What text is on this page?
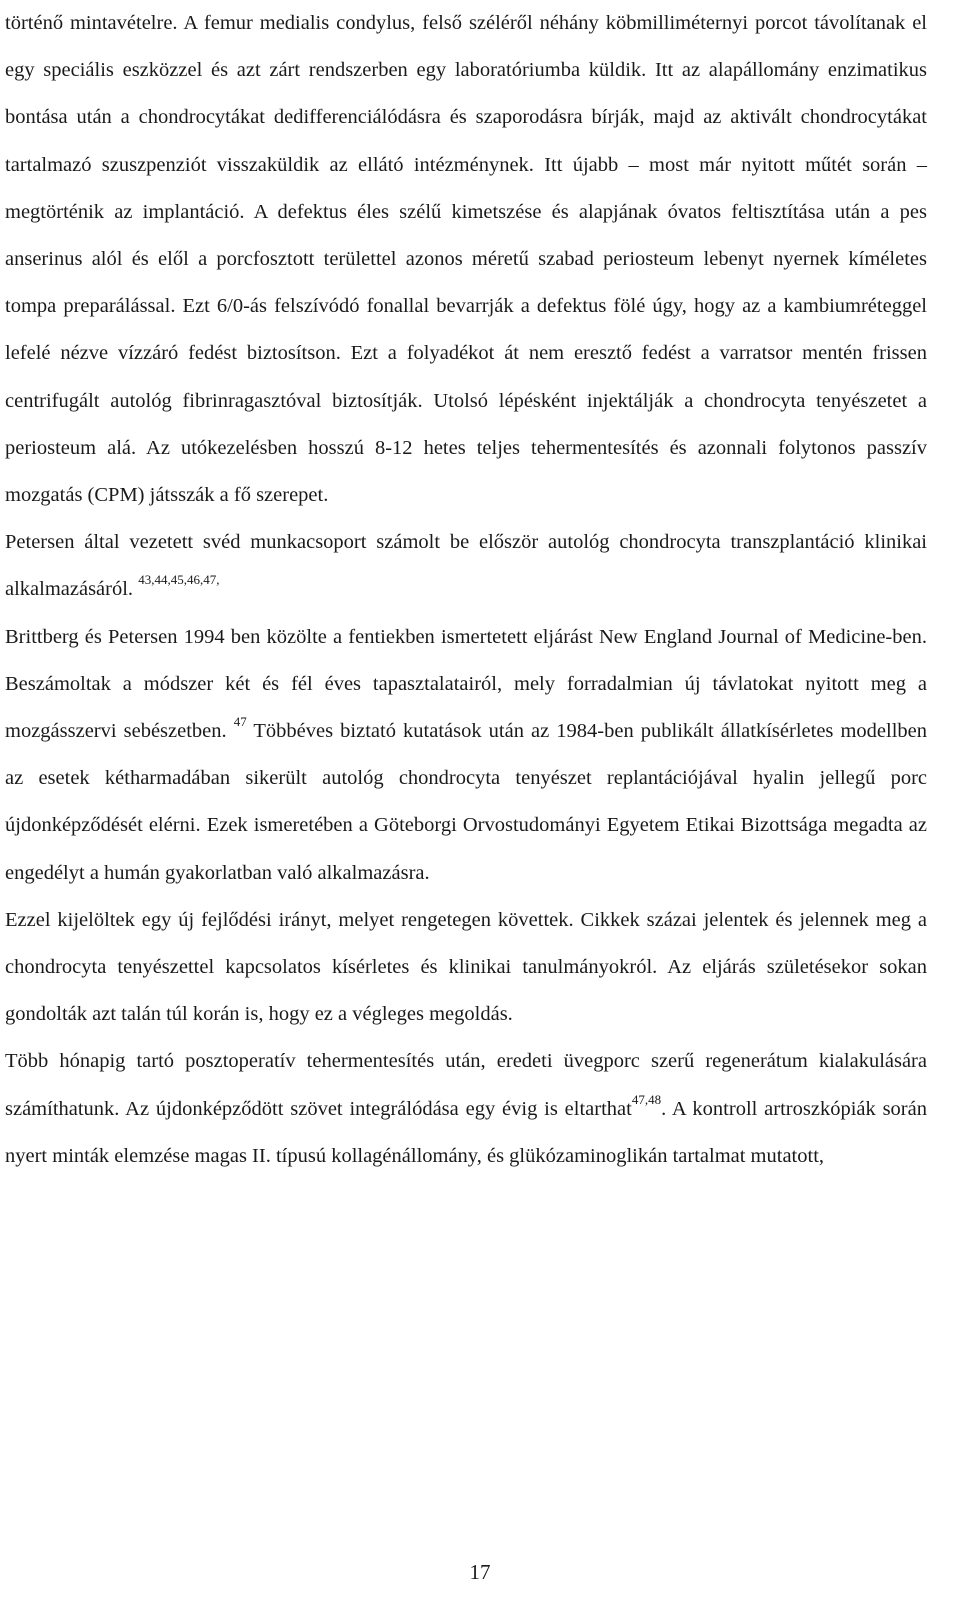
történő mintavételre. A femur medialis condylus, felső széléről néhány köbmilliméternyi porcot távolítanak el egy speciális eszközzel és azt zárt rendszerben egy laboratóriumba küldik. Itt az alapállomány enzimatikus bontása után a chondrocytákat dedifferenciálódásra és szaporodásra bírják, majd az aktivált chondrocytákat tartalmazó szuszpenziót visszaküldik az ellátó intézménynek. Itt újabb – most már nyitott műtét során – megtörténik az implantáció. A defektus éles szélű kimetszése és alapjának óvatos feltisztítása után a pes anserinus alól és elől a porcfosztott területtel azonos méretű szabad periosteum lebenyt nyernek kíméletes tompa preparálással. Ezt 6/0-ás felszívódó fonallal bevarrják a defektus fölé úgy, hogy az a kambiumréteggel lefelé nézve vízzáró fedést biztosítson. Ezt a folyadékot át nem eresztő fedést a varratsor mentén frissen centrifugált autológ fibrinragasztóval biztosítják. Utolsó lépésként injektálják a chondrocyta tenyészetet a periosteum alá. Az utókezelésben hosszú 8-12 hetes teljes tehermentesítés és azonnali folytonos passzív mozgatás (CPM) játsszák a fő szerepet.

Petersen által vezetett svéd munkacsoport számolt be először autológ chondrocyta transzplantáció klinikai alkalmazásáról. $^{43,44,45,46,47,}$

Brittberg és Petersen 1994 ben közölte a fentiekben ismertetett eljárást New England Journal of Medicine-ben. Beszámoltak a módszer két és fél éves tapasztalatairól, mely forradalmian új távlatokat nyitott meg a mozgásszervi sebészetben. $^{47}$ Többéves biztató kutatások után az 1984-ben publikált állatkísérletes modellben az esetek kétharmadában sikerült autológ chondrocyta tenyészet replantációjával hyalin jellegű porc újdonképződését elérni. Ezek ismeretében a Göteborgi Orvostudományi Egyetem Etikai Bizottsága megadta az engedélyt a humán gyakorlatban való alkalmazásra.

Ezzel kijelöltek egy új fejlődési irányt, melyet rengetegen követtek. Cikkek százai jelentek és jelennek meg a chondrocyta tenyészettel kapcsolatos kísérletes és klinikai tanulmányokról. Az eljárás születésekor sokan gondolták azt talán túl korán is, hogy ez a végleges megoldás.

Több hónapig tartó posztoperatív tehermentesítés után, eredeti üvegporc szerű regenerátum kialakulására számíthatunk. Az újdonképződött szövet integrálódása egy évig is eltarthat$^{47,48}$. A kontroll artroszkópiák során nyert minták elemzése magas II. típusú kollagénállomány, és glükózaminoglikán tartalmat mutatott,

17
